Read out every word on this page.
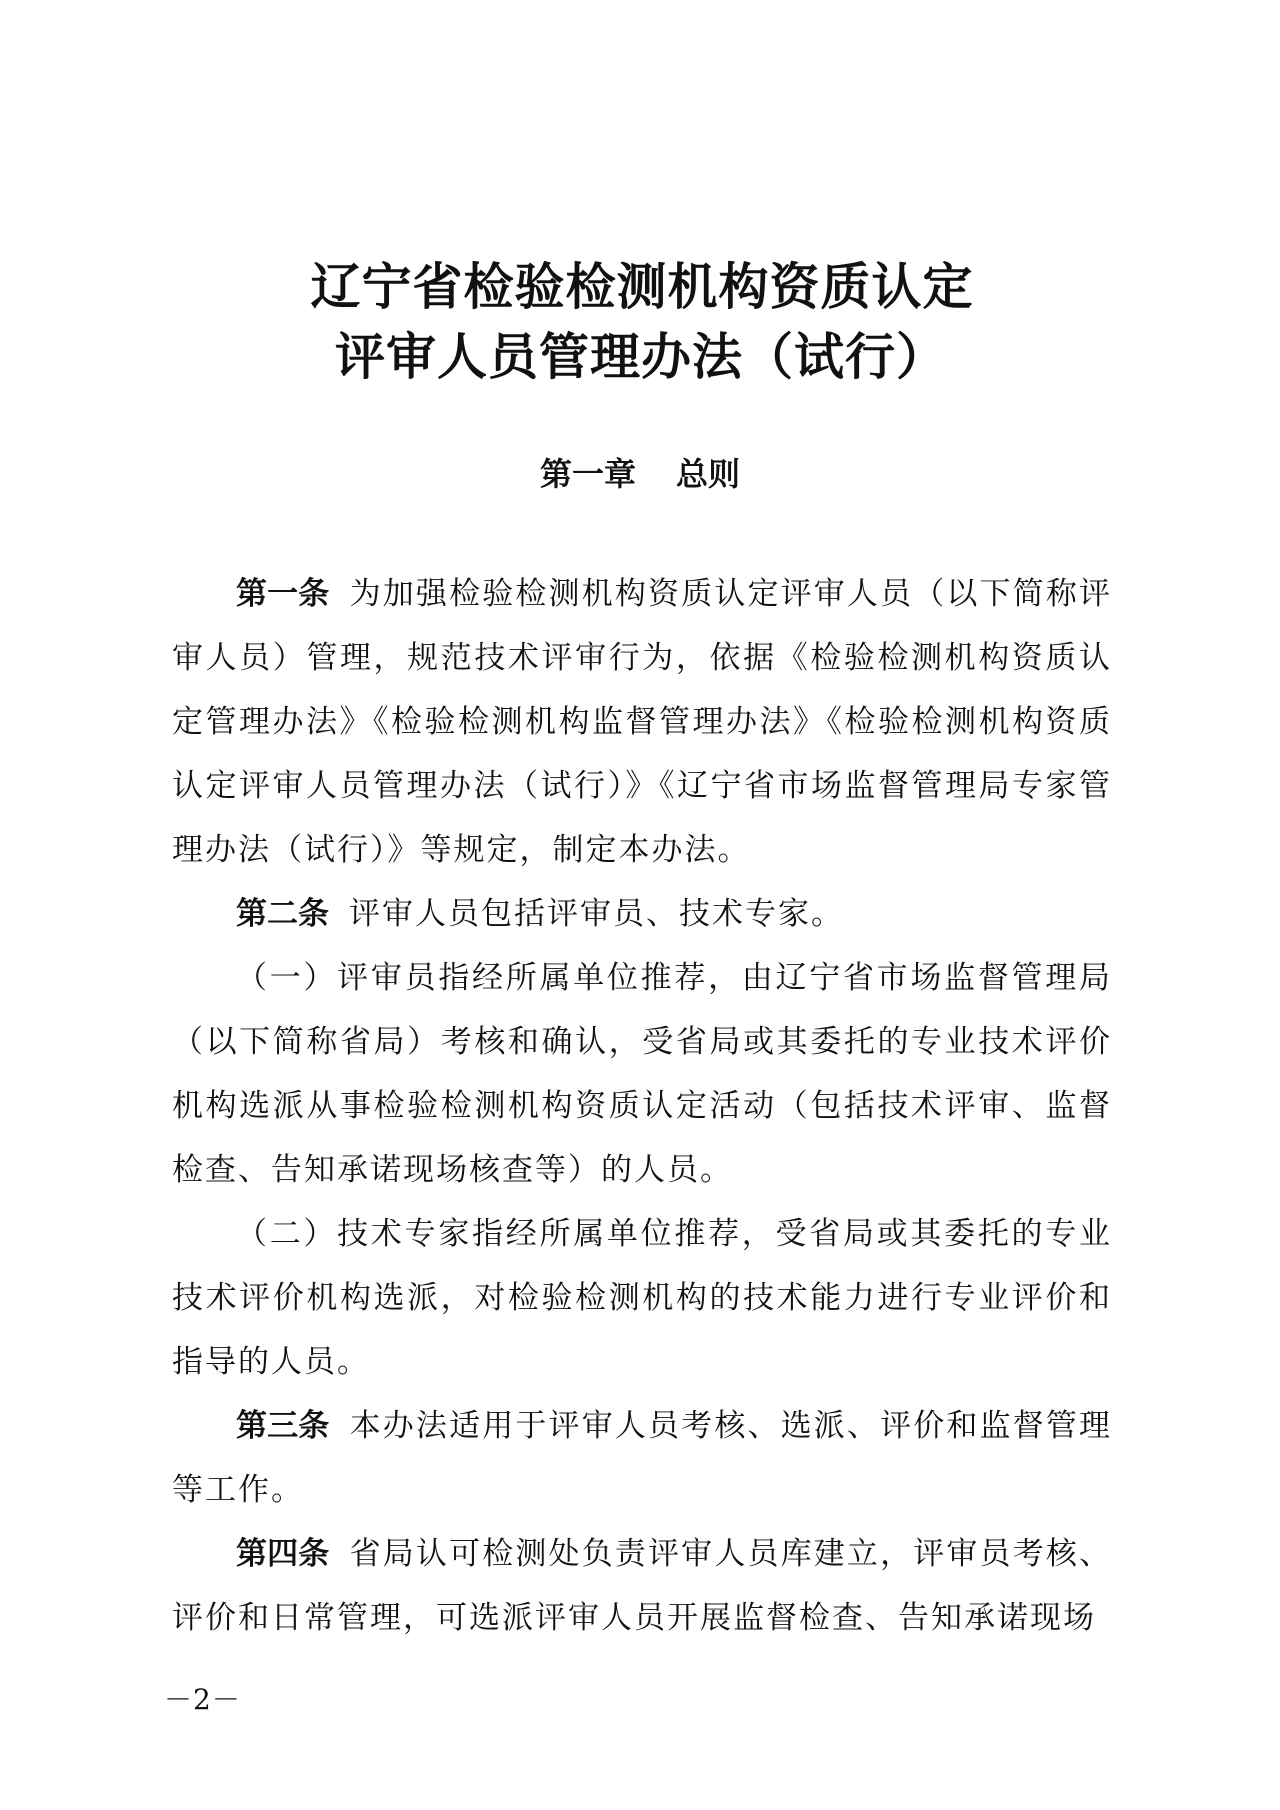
辽宁省检验检测机构资质认定
评审人员管理办法（试行）
第一章 总则

第一条 为加强检验检测机构资质认定评审人员（以下简称评审人员）管理，规范技术评审行为，依据《检验检测机构资质认定管理办法》《检验检测机构监督管理办法》《检验检测机构资质认定评审人员管理办法（试行）》《辽宁省市场监督管理局专家管理办法（试行）》等规定，制定本办法。

第二条 评审人员包括评审员、技术专家。

（一）评审员指经所属单位推荐，由辽宁省市场监督管理局（以下简称省局）考核和确认，受省局或其委托的专业技术评价机构选派从事检验检测机构资质认定活动（包括技术评审、监督检查、告知承诺现场核查等）的人员。

（二）技术专家指经所属单位推荐，受省局或其委托的专业技术评价机构选派，对检验检测机构的技术能力进行专业评价和指导的人员。

第三条 本办法适用于评审人员考核、选派、评价和监督管理等工作。

第四条 省局认可检测处负责评审人员库建立，评审员考核、评价和日常管理，可选派评审人员开展监督检查、告知承诺现场

－2－
